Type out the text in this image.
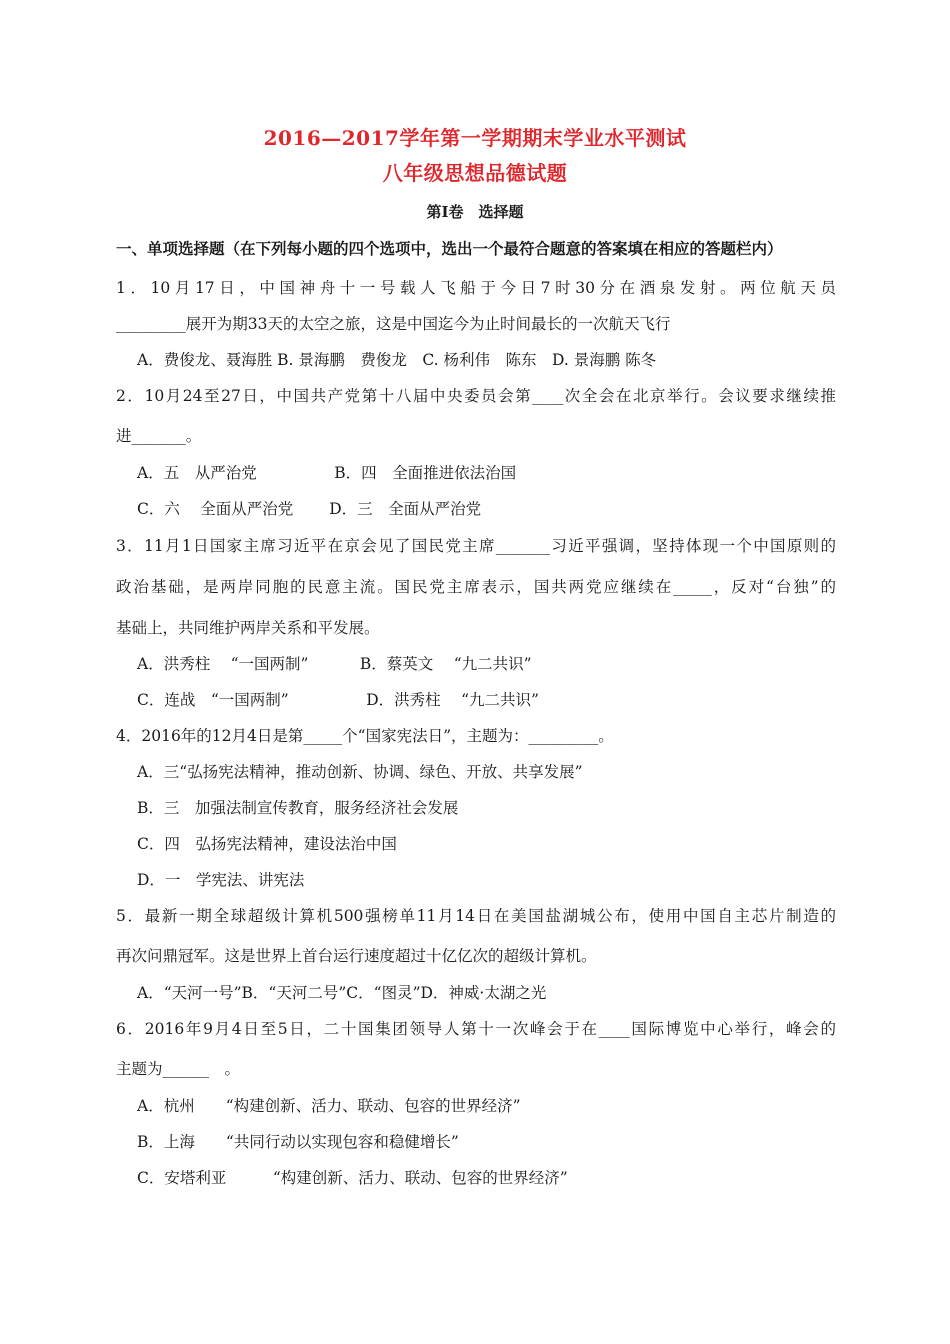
2016—2017学年第一学期期末学业水平测试
八年级思想品德试题
第Ⅰ卷　选择题
一、单项选择题（在下列每小题的四个选项中，选出一个最符合题意的答案填在相应的答题栏内）
1．10月17日，中国神舟十一号载人飞船于今日7时30分在酒泉发射。两位航天员
_________展开为期33天的太空之旅，这是中国迄今为止时间最长的一次航天飞行
A．费俊龙、聂海胜 B. 景海鹏　费俊龙　C. 杨利伟　陈东　D. 景海鹏 陈冬
2．10月24至27日，中国共产党第十八届中央委员会第____次全会在北京举行。会议要求继续推
进_______。
A．五　从严治党　　　　　B．四　全面推进依法治国
C．六　 全面从严治党　　 D．三　全面从严治党
3．11月1日国家主席习近平在京会见了国民党主席_______习近平强调，坚持体现一个中国原则的
政治基础，是两岸同胞的民意主流。国民党主席表示，国共两党应继续在_____，反对“台独”的
基础上，共同维护两岸关系和平发展。
A．洪秀柱　 “一国两制”　　　 B．蔡英文　 “九二共识”
C．连战　“一国两制”　　　　　D．洪秀柱　 “九二共识”
4．2016年的12月4日是第_____个“国家宪法日”，主题为：_________。
A．三“弘扬宪法精神，推动创新、协调、绿色、开放、共享发展”
B．三　加强法制宣传教育，服务经济社会发展
C．四　弘扬宪法精神，建设法治中国
D．一　学宪法、讲宪法
5．最新一期全球超级计算机500强榜单11月14日在美国盐湖城公布，使用中国自主芯片制造的
再次问鼎冠军。这是世界上首台运行速度超过十亿亿次的超级计算机。
A．“天河一号”B．“天河二号”C．“图灵”D．神威·太湖之光
6．2016年9月4日至5日，二十国集团领导人第十一次峰会于在____国际博览中心举行，峰会的
主题为______　。
A．杭州　　“构建创新、活力、联动、包容的世界经济”
B．上海　　“共同行动以实现包容和稳健增长”
C．安塔利亚　　　“构建创新、活力、联动、包容的世界经济”
